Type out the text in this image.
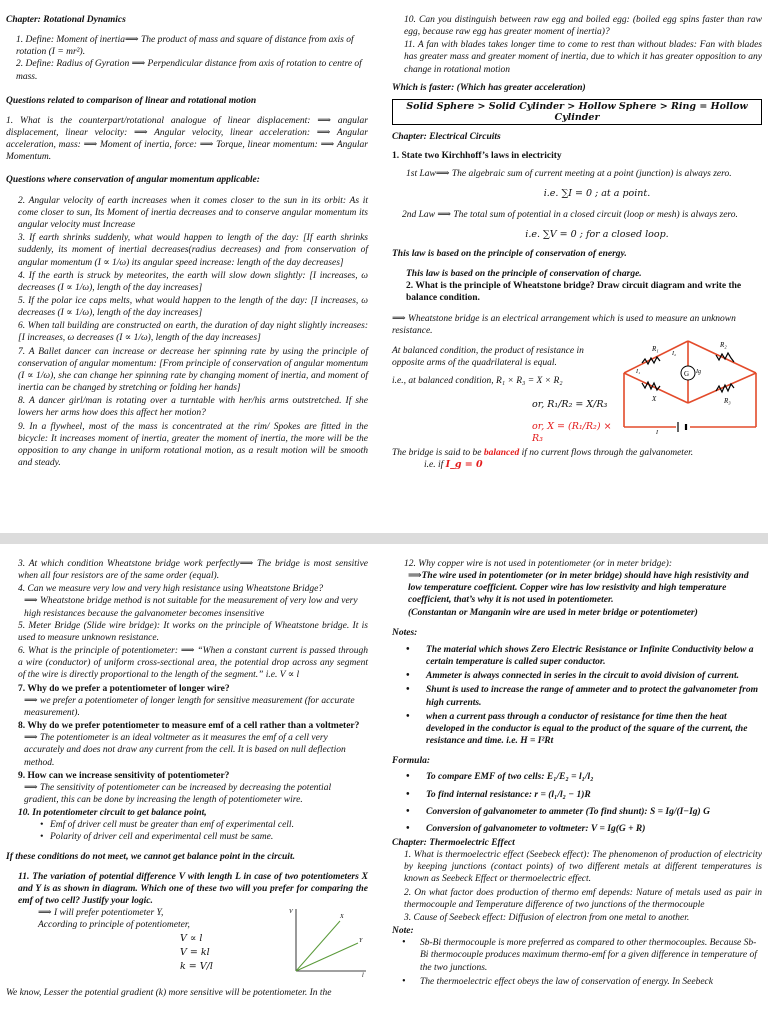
Chapter: Rotational Dynamics

1. Define: Moment of inertia⟹ The product of mass and square of distance from axis of rotation (I = mr²).

2. Define: Radius of Gyration ⟹ Perpendicular distance from axis of rotation to centre of mass.

Questions related to comparison of linear and rotational motion

1. What is the counterpart/rotational analogue of linear displacement: ⟹ angular displacement, linear velocity: ⟹ Angular velocity, linear acceleration: ⟹ Angular acceleration, mass: ⟹ Moment of inertia, force: ⟹ Torque, linear momentum: ⟹ Angular Momentum.

Questions where conservation of angular momentum applicable:

2. Angular velocity of earth increases when it comes closer to the sun in its orbit: As it come closer to sun, Its Moment of inertia decreases and to conserve angular momentum its angular velocity must Increase

3. If earth shrinks suddenly, what would happen to length of the day: [If earth shrinks suddenly, its moment of inertial decreases(radius decreases) and from conservation of angular momentum (I ∝ 1/ω) its angular speed increase: length of the day decreases]

4. If the earth is struck by meteorites, the earth will slow down slightly: [I increases, ω decreases (I ∝ 1/ω), length of the day increases]

5. If the polar ice caps melts, what would happen to the length of the day: [I increases, ω decreases (I ∝ 1/ω), length of the day increases]

6. When tall building are constructed on earth, the duration of day night slightly increases: [I increases, ω decreases (I ∝ 1/ω), length of the day increases]

7. A Ballet dancer can increase or decrease her spinning rate by using the principle of conservation of angular momentum: [From principle of conservation of angular momentum (I ∝ 1/ω), she can change her spinning rate by changing moment of inertia, and moment of inertia can be changed by stretching or folding her hands]

8. A dancer girl/man is rotating over a turntable with her/his arms outstretched. If she lowers her arms how does this affect her motion?

9. In a flywheel, most of the mass is concentrated at the rim/ Spokes are fitted in the bicycle: It increases moment of inertia, greater the moment of inertia, the more will be the opposition to any change in uniform rotational motion, as a result motion will be smooth and steady.

10. Can you distinguish between raw egg and boiled egg: (boiled egg spins faster than raw egg, because raw egg has greater moment of inertia)?

11. A fan with blades takes longer time to come to rest than without blades: Fan with blades has greater mass and greater moment of inertia, due to which it has greater opposition to any change in rotational motion

Which is faster: (Which has greater acceleration)

Solid Sphere > Solid Cylinder > Hollow Sphere > Ring = Hollow Cylinder

Chapter: Electrical Circuits

1. State two Kirchhoff’s laws in electricity

1st Law⟹ The algebraic sum of current meeting at a point (junction) is always zero.

i.e. ∑I = 0 ; at a point.

2nd Law ⟹ The total sum of potential in a closed circuit (loop or mesh) is always zero.

i.e. ∑V = 0 ; for a closed loop.

This law is based on the principle of conservation of energy.

This law is based on the principle of conservation of charge.

2. What is the principle of Wheatstone bridge? Draw circuit diagram and write the balance condition.

⟹ Wheatstone bridge is an electrical arrangement which is used to measure an unknown resistance.

At balanced condition, the product of resistance in opposite arms of the quadrilateral is equal.

i.e., at balanced condition, R₁ × R₃ = X × R₂

or, R₁/R₂ = X/R₃

or, X = (R₁/R₂) × R₃

G
R₁	R₂
X	R₃
I₁
I₂
Ig
I

The bridge is said to be balanced if no current flows through the galvanometer.

i.e. if I_g = 0

3. At which condition Wheatstone bridge work perfectly⟹ The bridge is most sensitive when all four resistors are of the same order (equal).

4. Can we measure very low and very high resistance using Wheatstone Bridge?

⟹ Wheatstone bridge method is not suitable for the measurement of very low and very high resistances because the galvanometer becomes insensitive

5. Meter Bridge (Slide wire bridge): It works on the principle of Wheatstone bridge. It is used to measure unknown resistance.

6. What is the principle of potentiometer: ⟹ “When a constant current is passed through a wire (conductor) of uniform cross-sectional area, the potential drop across any segment of the wire is directly proportional to the length of the segment.” i.e. V ∝ l

7. Why do we prefer a potentiometer of longer wire?

⟹ we prefer a potentiometer of longer length for sensitive measurement (for accurate measurement).

8. Why do we prefer potentiometer to measure emf of a cell rather than a voltmeter?

⟹ The potentiometer is an ideal voltmeter as it measures the emf of a cell very accurately and does not draw any current from the cell. It is based on null deflection method.

9. How can we increase sensitivity of potentiometer?

⟹ The sensitivity of potentiometer can be increased by decreasing the potential gradient, this can be done by increasing the length of potentiometer wire.

10. In potentiometer circuit to get balance point,

• Emf of driver cell must be greater than emf of experimental cell.

• Polarity of driver cell and experimental cell must be same.

If these conditions do not meet, we cannot get balance point in the circuit.

11. The variation of potential difference V with length L in case of two potentiometers X and Y is as shown in diagram. Which one of these two will you prefer for comparing the emf of two cell? Justify your logic.

⟹ I will prefer potentiometer Y,

According to principle of potentiometer,

V ∝ l

V = kl

k = V/l

V
l
X
Y

We know, Lesser the potential gradient (k) more sensitive will be potentiometer. In the

12. Why copper wire is not used in potentiometer (or in meter bridge):

⟹The wire used in potentiometer (or in meter bridge) should have high resistivity and low temperature coefficient. Copper wire has low resistivity and high temperature coefficient, that’s why it is not used in potentiometer.

(Constantan or Manganin wire are used in meter bridge or potentiometer)

Notes:

• The material which shows Zero Electric Resistance or Infinite Conductivity below a certain temperature is called super conductor.

• Ammeter is always connected in series in the circuit to avoid division of current.

• Shunt is used to increase the range of ammeter and to protect the galvanometer from high currents.

• when a current pass through a conductor of resistance for time then the heat developed in the conductor is equal to the product of the square of the current, the resistance and time. i.e. H = I²Rt

Formula:

• To compare EMF of two cells: E₁/E₂ = l₁/l₂

• To find internal resistance: r = (l₁/l₂ − 1)R

• Conversion of galvanometer to ammeter (To find shunt): S = Ig/(I−Ig) G

• Conversion of galvanometer to voltmeter: V = Ig(G + R)

Chapter: Thermoelectric Effect

1. What is thermoelectric effect (Seebeck effect): The phenomenon of production of electricity by keeping junctions (contact points) of two different metals at different temperatures is known as Seebeck Effect or thermoelectric effect.

2. On what factor does production of thermo emf depends: Nature of metals used as pair in thermocouple and Temperature difference of two junctions of the thermocouple

3. Cause of Seebeck effect: Diffusion of electron from one metal to another.

Note:

• Sb-Bi thermocouple is more preferred as compared to other thermocouples. Because Sb-Bi thermocouple produces maximum thermo-emf for a given difference in temperature of the two junctions.

• The thermoelectric effect obeys the law of conservation of energy. In Seebeck
